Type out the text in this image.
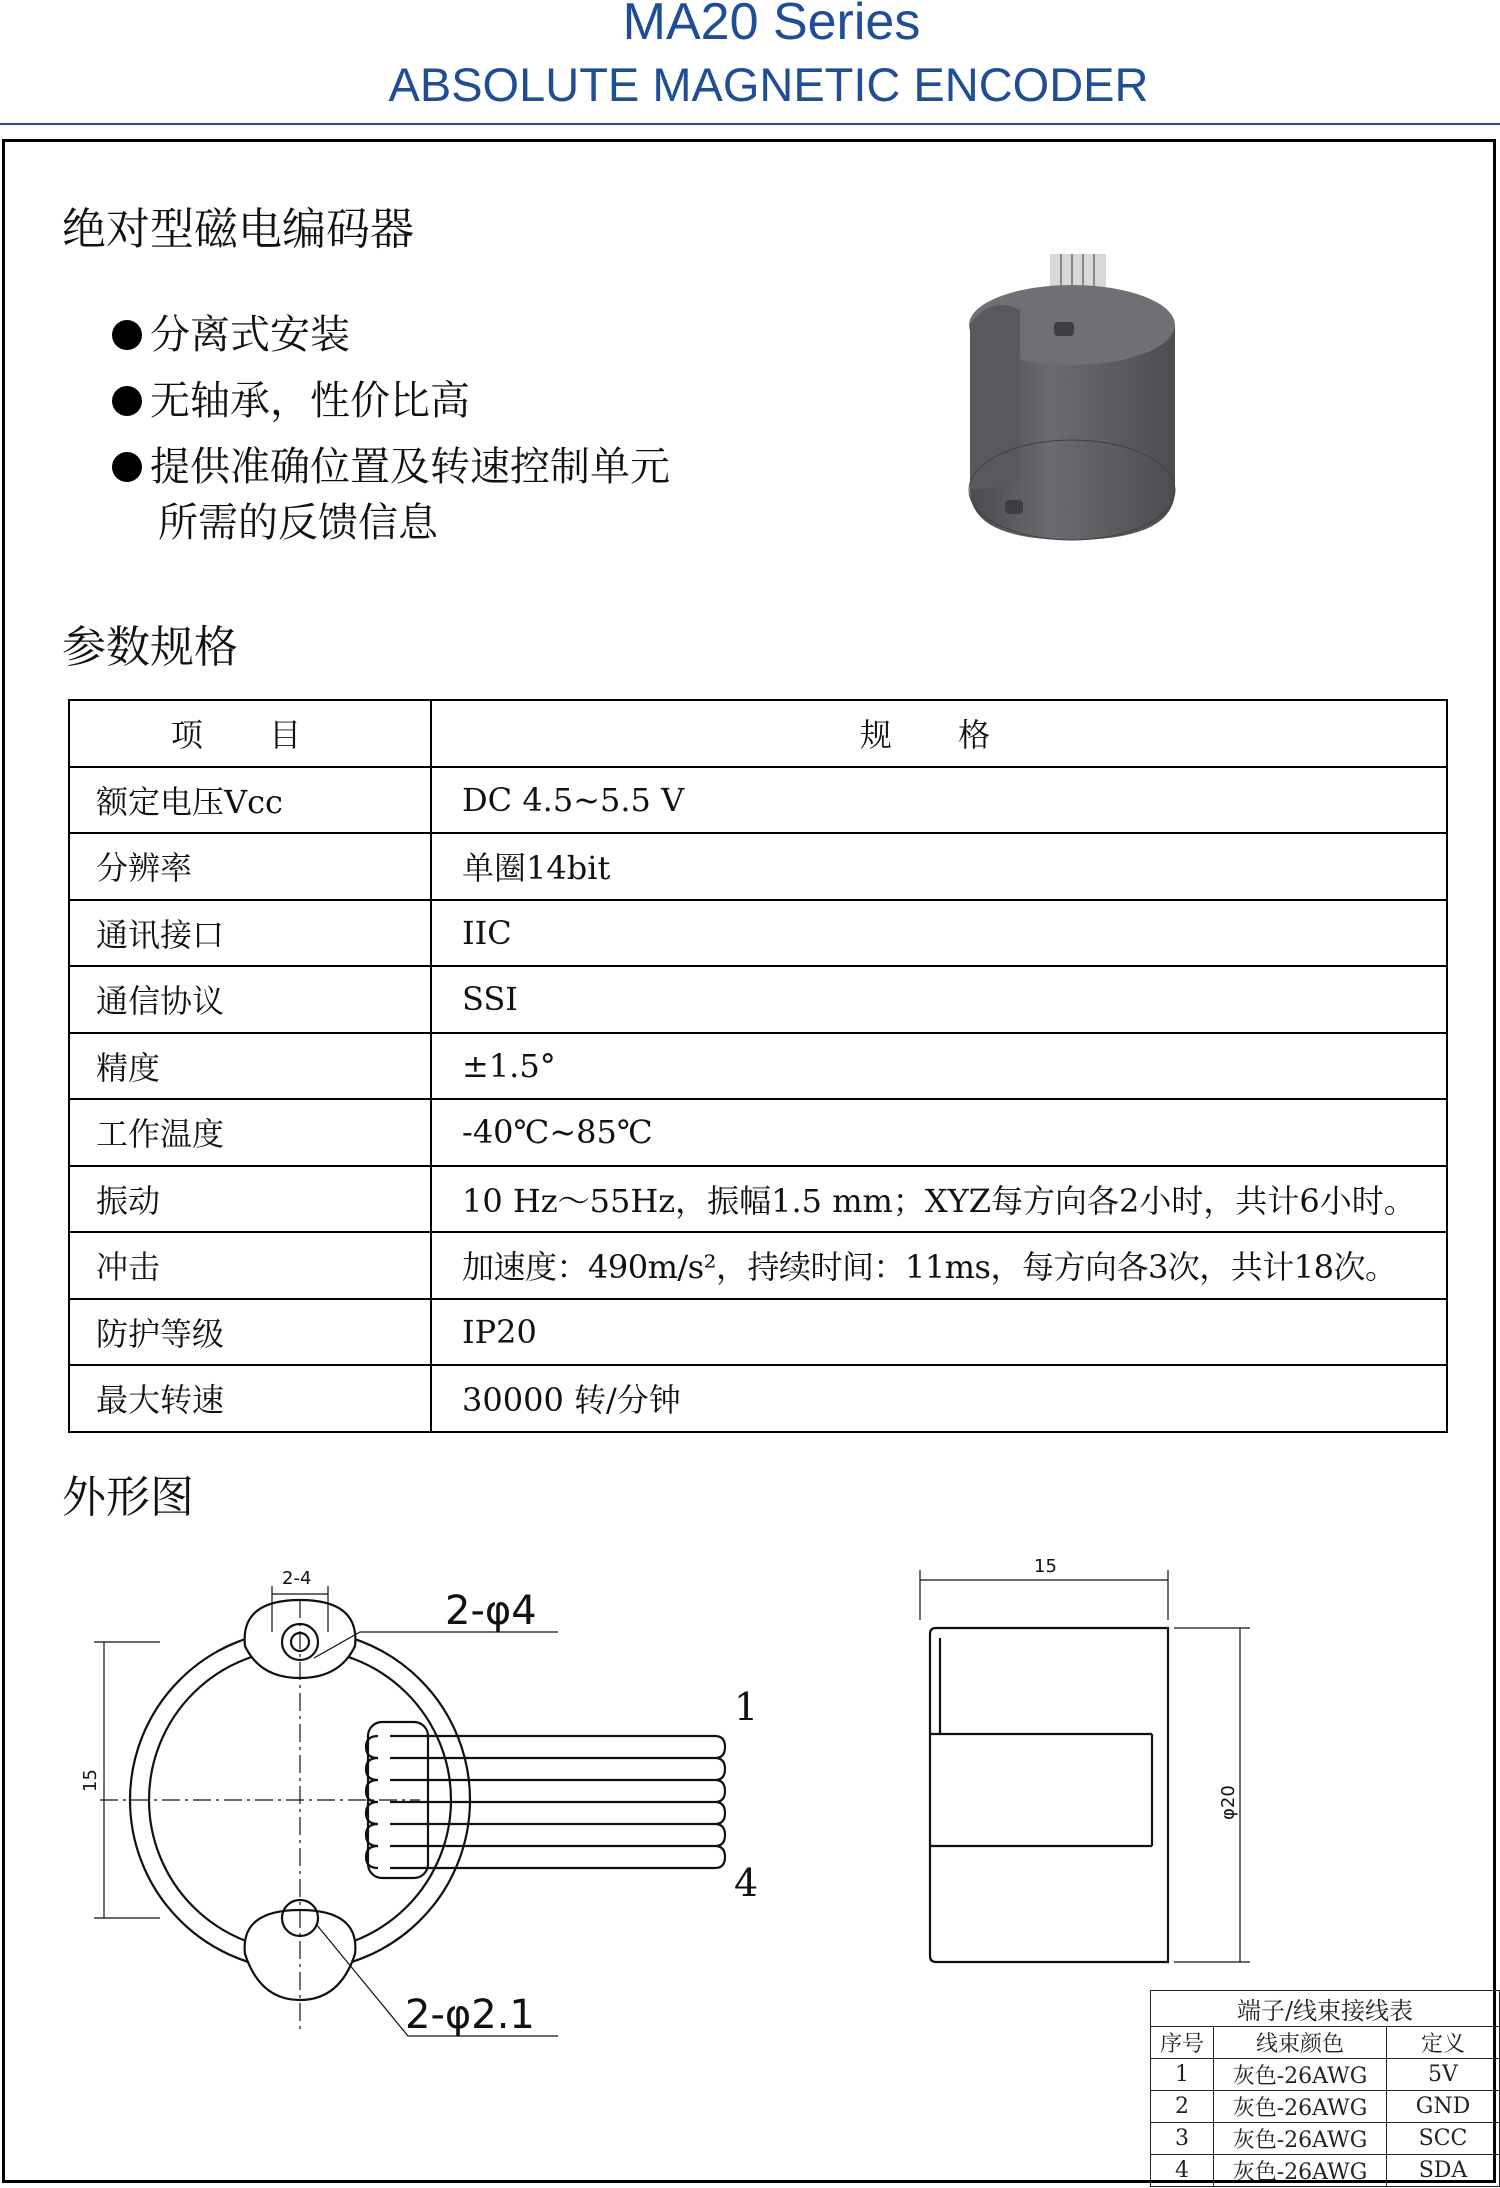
MA20 Series
ABSOLUTE MAGNETIC ENCODER
绝对型磁电编码器
分离式安装
无轴承，性价比高
提供准确位置及转速控制单元
所需的反馈信息
参数规格
项 目	规 格
额定电压Vcc	DC 4.5~5.5 V
分辨率	单圈14bit
通讯接口	IIC
通信协议	SSI
精度	±1.5°
工作温度	-40℃~85℃
振动	10 Hz～55Hz，振幅1.5 mm；XYZ每方向各2小时，共计6小时。
冲击	加速度：490m/s²，持续时间：11ms，每方向各3次，共计18次。
防护等级	IP20
最大转速	30000 转/分钟
外形图
2-4
2-φ4
2-φ2.1
15
1
4
15
φ20
端子/线束接线表		
序号	线束颜色	定义
1	灰色-26AWG	5V
2	灰色-26AWG	GND
3	灰色-26AWG	SCC
4	灰色-26AWG	SDA
